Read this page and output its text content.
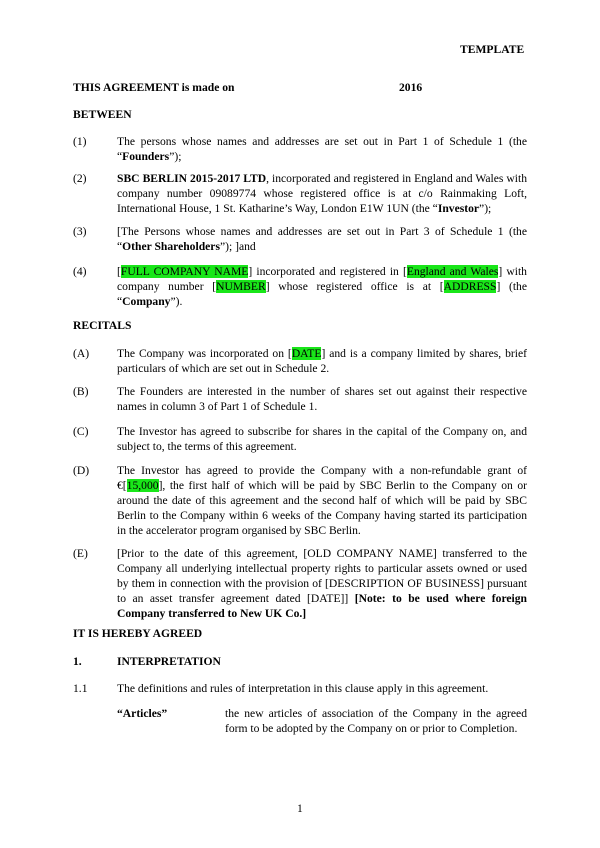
TEMPLATE
THIS AGREEMENT is made on	2016
BETWEEN
(1)	The persons whose names and addresses are set out in Part 1 of Schedule 1 (the “Founders”);
(2)	SBC BERLIN 2015-2017 LTD, incorporated and registered in England and Wales with company number 09089774 whose registered office is at c/o Rainmaking Loft, International House, 1 St. Katharine’s Way, London E1W 1UN (the “Investor”);
(3)	[The Persons whose names and addresses are set out in Part 3 of Schedule 1 (the “Other Shareholders”); ]and
(4)	[FULL COMPANY NAME] incorporated and registered in [England and Wales] with company number [NUMBER] whose registered office is at [ADDRESS] (the “Company”).
RECITALS
(A) The Company was incorporated on [DATE] and is a company limited by shares, brief particulars of which are set out in Schedule 2.
(B) The Founders are interested in the number of shares set out against their respective names in column 3 of Part 1 of Schedule 1.
(C) The Investor has agreed to subscribe for shares in the capital of the Company on, and subject to, the terms of this agreement.
(D) The Investor has agreed to provide the Company with a non-refundable grant of €[15,000], the first half of which will be paid by SBC Berlin to the Company on or around the date of this agreement and the second half of which will be paid by SBC Berlin to the Company within 6 weeks of the Company having started its participation in the accelerator program organised by SBC Berlin.
(E)	[Prior to the date of this agreement, [OLD COMPANY NAME] transferred to the Company all underlying intellectual property rights to particular assets owned or used by them in connection with the provision of [DESCRIPTION OF BUSINESS] pursuant to an asset transfer agreement dated [DATE]] [Note: to be used where foreign Company transferred to New UK Co.]
IT IS HEREBY AGREED
1.	INTERPRETATION
1.1	The definitions and rules of interpretation in this clause apply in this agreement.
“Articles”	the new articles of association of the Company in the agreed form to be adopted by the Company on or prior to Completion.
1
